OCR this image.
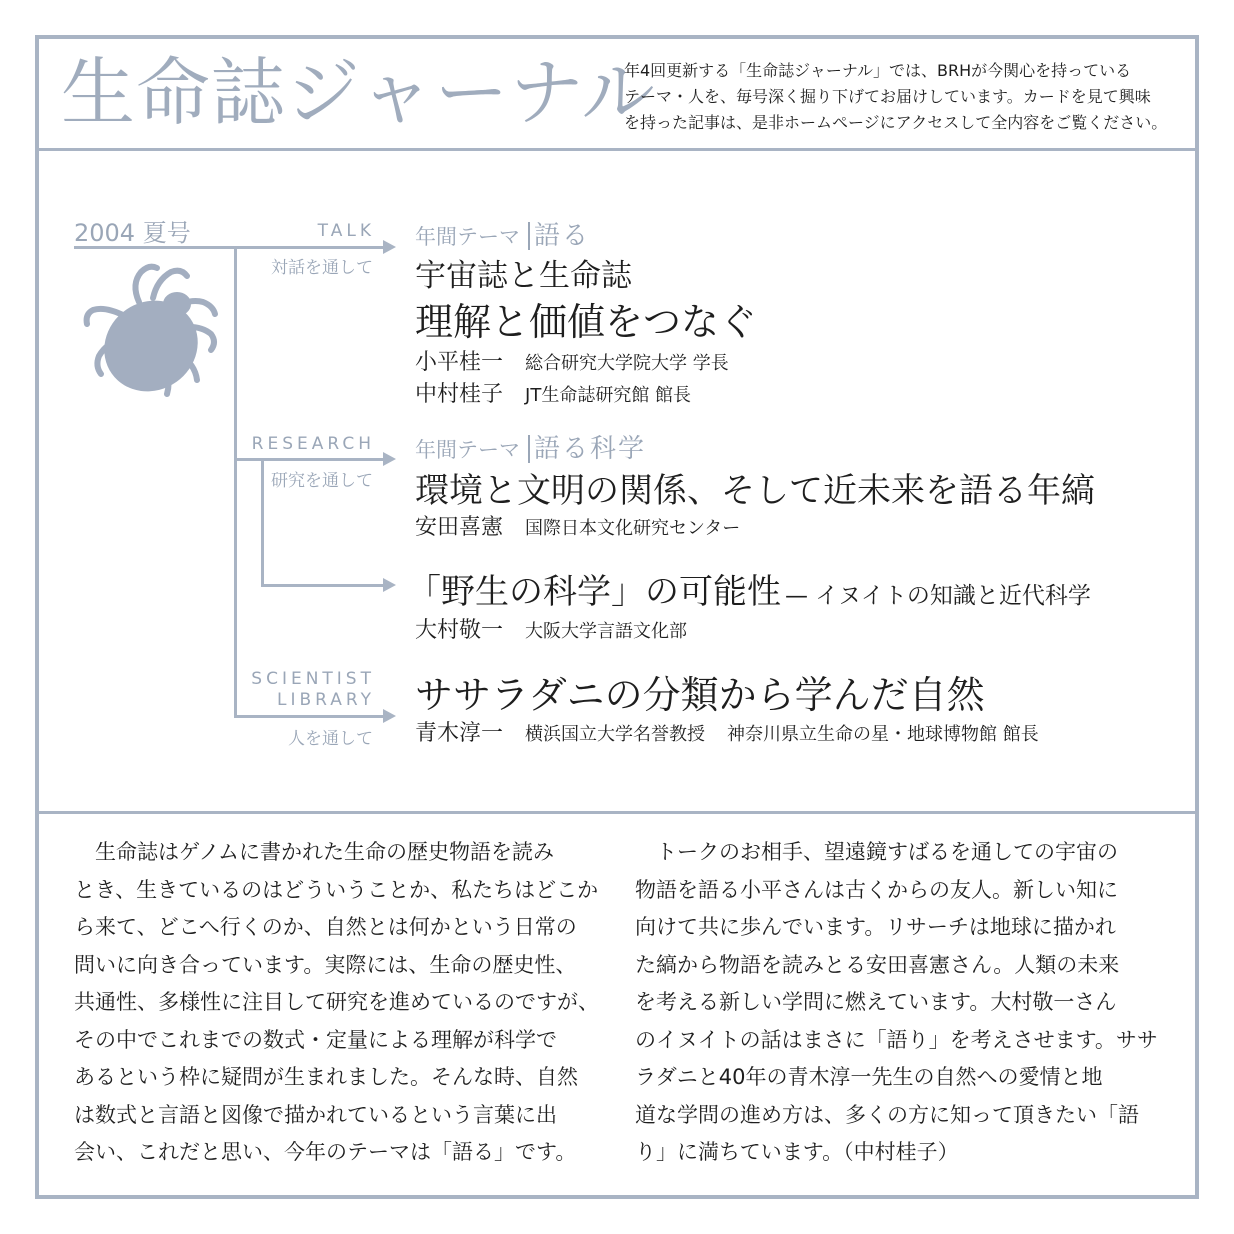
生命誌ジャーナル
年4回更新する「生命誌ジャーナル」では、BRHが今関心を持っている
テーマ・人を、毎号深く掘り下げてお届けしています。カードを見て興味
を持った記事は、是非ホームページにアクセスして全内容をご覧ください。
2004 夏号	TALK
対話を通して
RESEARCH
研究を通して
SCIENTIST
LIBRARY
人を通して
年間テーマ 語る
宇宙誌と生命誌
理解と価値をつなぐ
小平桂一 総合研究大学院大学 学長
中村桂子 JT生命誌研究館 館長
年間テーマ 語る科学
環境と文明の関係、そして近未来を語る年縞
安田喜憲 国際日本文化研究センター
「野生の科学」の可能性 — イヌイトの知識と近代科学
大村敬一 大阪大学言語文化部
ササラダニの分類から学んだ自然
青木淳一 横浜国立大学名誉教授 神奈川県立生命の星・地球博物館 館長
　生命誌はゲノムに書かれた生命の歴史物語を読み
とき、生きているのはどういうことか、私たちはどこか
ら来て、どこへ行くのか、自然とは何かという日常の
問いに向き合っています。実際には、生命の歴史性、
共通性、多様性に注目して研究を進めているのですが、
その中でこれまでの数式・定量による理解が科学で
あるという枠に疑問が生まれました。そんな時、自然
は数式と言語と図像で描かれているという言葉に出
会い、これだと思い、今年のテーマは「語る」です。
　トークのお相手、望遠鏡すばるを通しての宇宙の
物語を語る小平さんは古くからの友人。新しい知に
向けて共に歩んでいます。リサーチは地球に描かれ
た縞から物語を読みとる安田喜憲さん。人類の未来
を考える新しい学問に燃えています。大村敬一さん
のイヌイトの話はまさに「語り」を考えさせます。ササ
ラダニと40年の青木淳一先生の自然への愛情と地
道な学問の進め方は、多くの方に知って頂きたい「語
り」に満ちています。（中村桂子）
